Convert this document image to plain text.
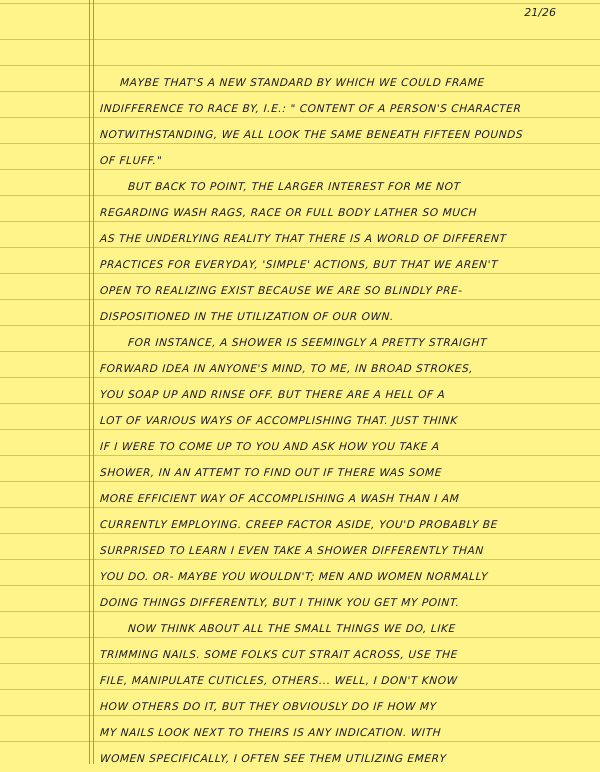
21/26
MAYBE THAT'S A NEW STANDARD BY WHICH WE COULD FRAME
INDIFFERENCE TO RACE BY, I.E.: " CONTENT OF A PERSON'S CHARACTER
NOTWITHSTANDING, WE ALL LOOK THE SAME BENEATH FIFTEEN POUNDS
OF FLUFF."
BUT BACK TO POINT, THE LARGER INTEREST FOR ME NOT
REGARDING WASH RAGS, RACE OR FULL BODY LATHER SO MUCH
AS THE UNDERLYING REALITY THAT THERE IS A WORLD OF DIFFERENT
PRACTICES FOR EVERYDAY, 'SIMPLE' ACTIONS, BUT THAT WE AREN'T
OPEN TO REALIZING EXIST BECAUSE WE ARE SO BLINDLY PRE-
DISPOSITIONED IN THE UTILIZATION OF OUR OWN.
FOR INSTANCE, A SHOWER IS SEEMINGLY A PRETTY STRAIGHT
FORWARD IDEA IN ANYONE'S MIND, TO ME, IN BROAD STROKES,
YOU SOAP UP AND RINSE OFF. BUT THERE ARE A HELL OF A
LOT OF VARIOUS WAYS OF ACCOMPLISHING THAT. JUST THINK
IF I WERE TO COME UP TO YOU AND ASK HOW YOU TAKE A
SHOWER, IN AN ATTEMT TO FIND OUT IF THERE WAS SOME
MORE EFFICIENT WAY OF ACCOMPLISHING A WASH THAN I AM
CURRENTLY EMPLOYING. CREEP FACTOR ASIDE, YOU'D PROBABLY BE
SURPRISED TO LEARN I EVEN TAKE A SHOWER DIFFERENTLY THAN
YOU DO. OR- MAYBE YOU WOULDN'T; MEN AND WOMEN NORMALLY
DOING THINGS DIFFERENTLY, BUT I THINK YOU GET MY POINT.
NOW THINK ABOUT ALL THE SMALL THINGS WE DO, LIKE
TRIMMING NAILS. SOME FOLKS CUT STRAIT ACROSS, USE THE
FILE, MANIPULATE CUTICLES, OTHERS... WELL, I DON'T KNOW
HOW OTHERS DO IT, BUT THEY OBVIOUSLY DO IF HOW MY
MY NAILS LOOK NEXT TO THEIRS IS ANY INDICATION. WITH
WOMEN SPECIFICALLY, I OFTEN SEE THEM UTILIZING EMERY
